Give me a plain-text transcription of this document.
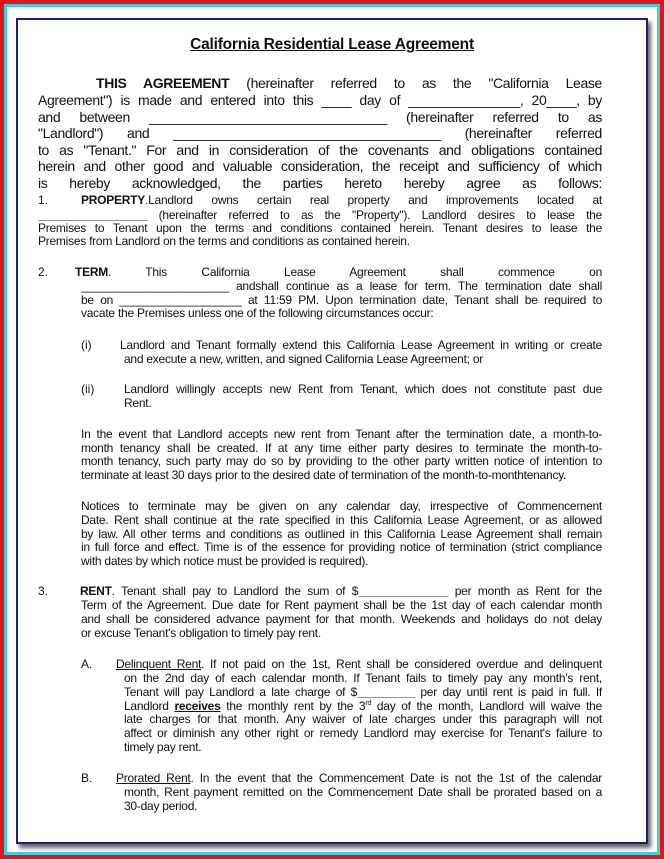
California Residential Lease Agreement
THIS AGREEMENT (hereinafter referred to as the "California Lease
Agreement") is made and entered into this ____ day of _______________, 20____, by
and between ________________________________ (hereinafter referred to as
"Landlord") and ____________________________________ (hereinafter referred
to as "Tenant." For and in consideration of the covenants and obligations contained
herein and other good and valuable consideration, the receipt and sufficiency of which
is hereby acknowledged, the parties hereto hereby agree as follows:
PROPERTY.Landlord owns certain real property and improvements located at
1.
_________________ (hereinafter referred to as the "Property"). Landlord desires to lease the
Premises to Tenant upon the terms and conditions contained herein. Tenant desires to lease the
Premises from Landlord on the terms and conditions as contained herein.
TERM. This California Lease Agreement shall commence on
2.
_______________________ andshall continue as a lease for term. The termination date shall
be on ___________________ at 11:59 PM. Upon termination date, Tenant shall be required to
vacate the Premises unless one of the following circumstances occur:
Landlord and Tenant formally extend this California Lease Agreement in writing or create
(i)
and execute a new, written, and signed California Lease Agreement; or
Landlord willingly accepts new Rent from Tenant, which does not constitute past due
(ii)
Rent.
In the event that Landlord accepts new rent from Tenant after the termination date, a month-to-
month tenancy shall be created. If at any time either party desires to terminate the month-to-
month tenancy, such party may do so by providing to the other party written notice of intention to
terminate at least 30 days prior to the desired date of termination of the month-to-monthtenancy.
Notices to terminate may be given on any calendar day, irrespective of Commencement
Date. Rent shall continue at the rate specified in this California Lease Agreement, or as allowed
by law. All other terms and conditions as outlined in this California Lease Agreement shall remain
in full force and effect. Time is of the essence for providing notice of termination (strict compliance
with dates by which notice must be provided is required).
RENT. Tenant shall pay to Landlord the sum of $______________ per month as Rent for the
3.
Term of the Agreement. Due date for Rent payment shall be the 1st day of each calendar month
and shall be considered advance payment for that month. Weekends and holidays do not delay
or excuse Tenant's obligation to timely pay rent.
Delinquent Rent. If not paid on the 1st, Rent shall be considered overdue and delinquent
A.
on the 2nd day of each calendar month. If Tenant fails to timely pay any month's rent,
Tenant will pay Landlord a late charge of $_________ per day until rent is paid in full. If
Landlord receives the monthly rent by the 3rd day of the month, Landlord will waive the
late charges for that month. Any waiver of late charges under this paragraph will not
affect or diminish any other right or remedy Landlord may exercise for Tenant's failure to
timely pay rent.
Prorated Rent. In the event that the Commencement Date is not the 1st of the calendar
B.
month, Rent payment remitted on the Commencement Date shall be prorated based on a
30-day period.
